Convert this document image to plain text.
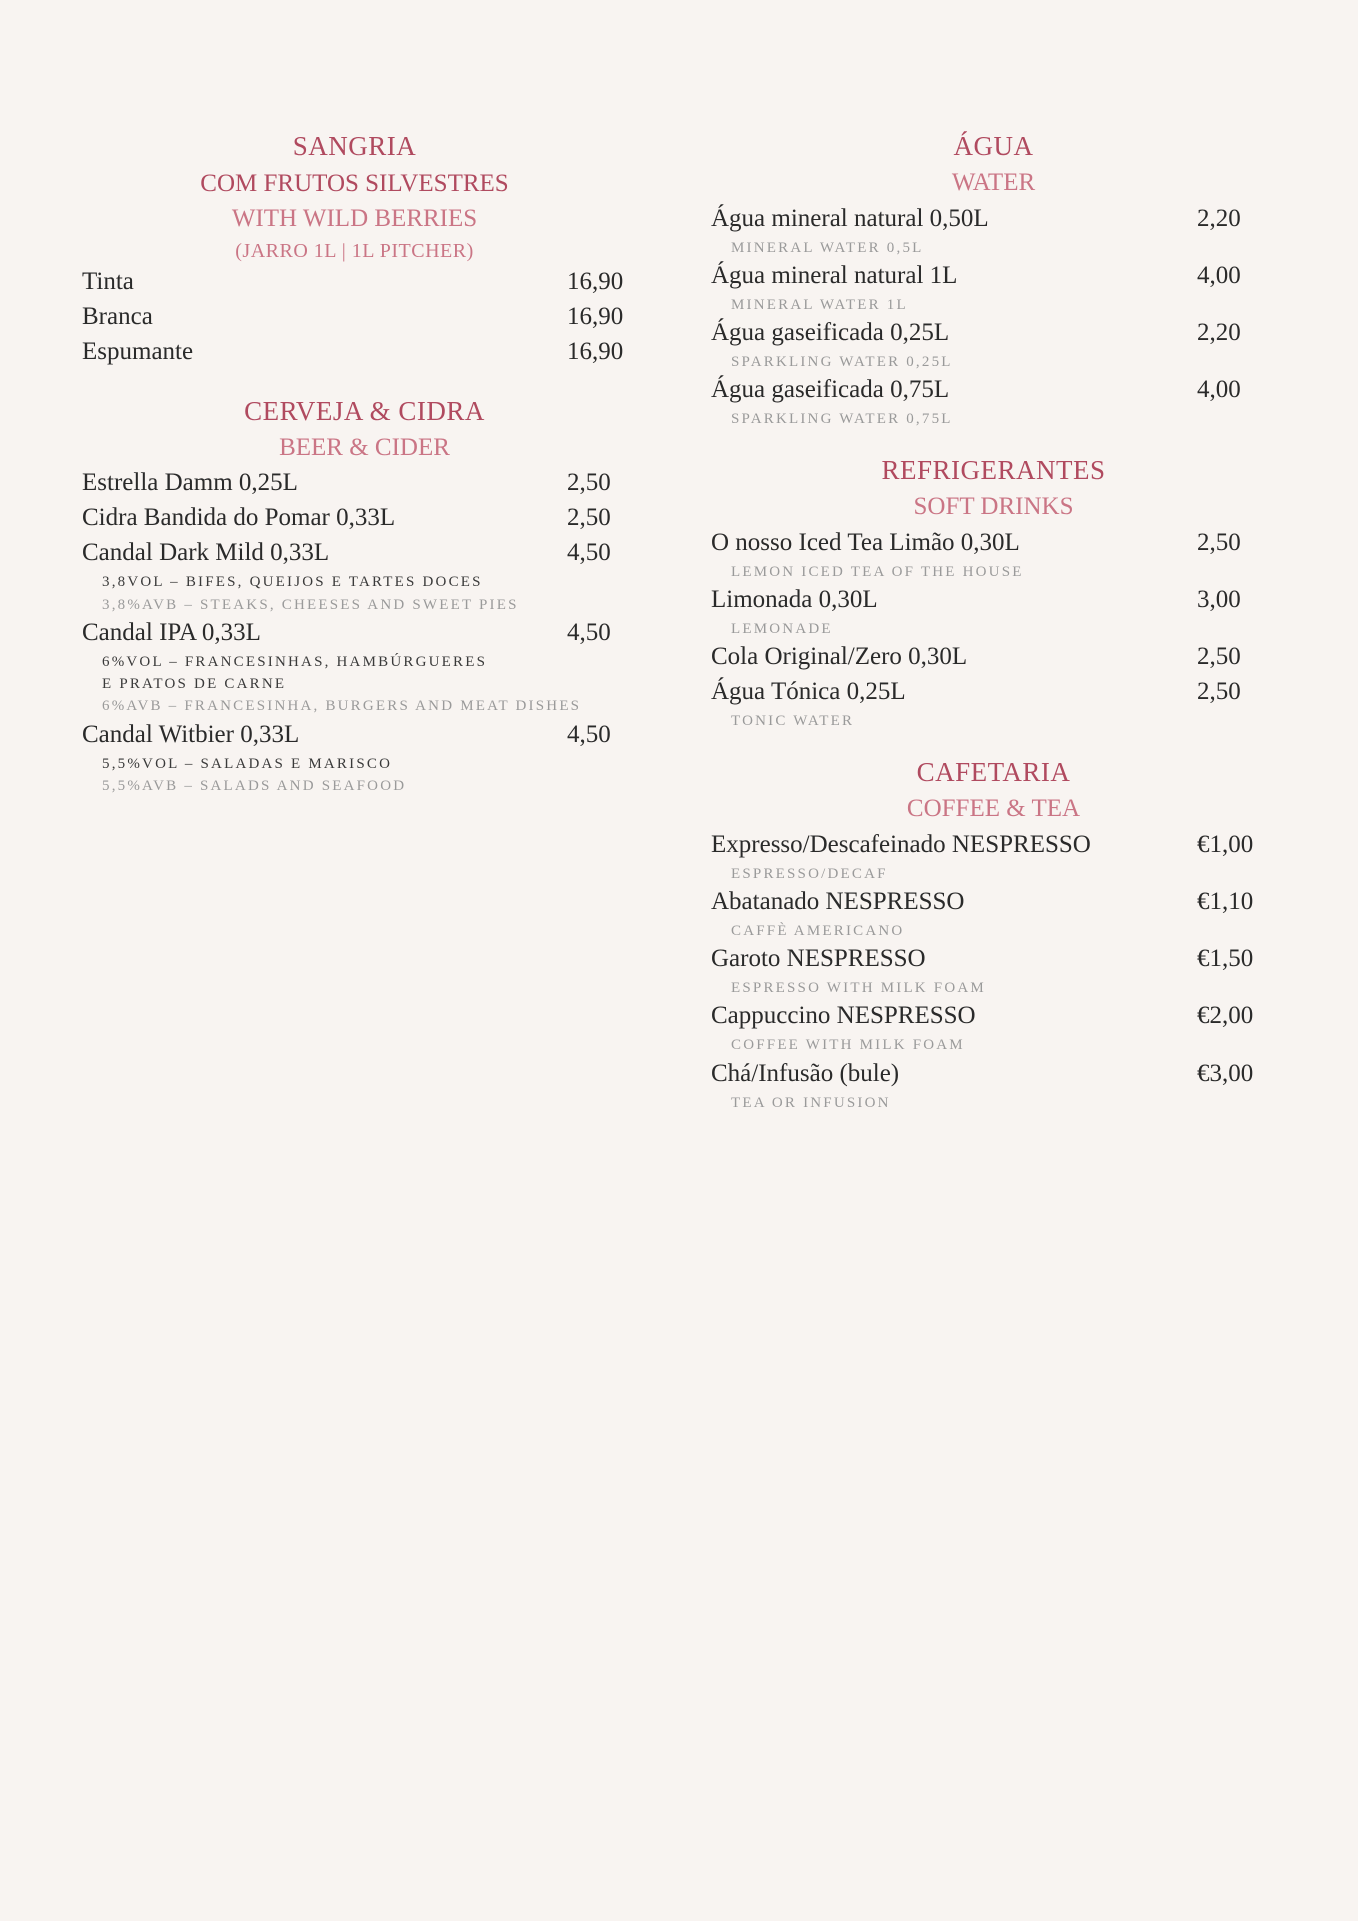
SANGRIA
COM FRUTOS SILVESTRES
WITH WILD BERRIES
(JARRO 1L | 1L PITCHER)
Tinta	16,90
Branca	16,90
Espumante	16,90
CERVEJA & CIDRA
BEER & CIDER
Estrella Damm 0,25L	2,50
Cidra Bandida do Pomar 0,33L	2,50
Candal Dark Mild 0,33L	4,50
3,8VOL – BIFES, QUEIJOS E TARTES DOCES
3,8%AVB – STEAKS, CHEESES AND SWEET PIES
Candal IPA 0,33L	4,50
6%VOL – FRANCESINHAS, HAMBÚRGUERES
E PRATOS DE CARNE
6%AVB – FRANCESINHA, BURGERS AND MEAT DISHES
Candal Witbier 0,33L	4,50
5,5%VOL – SALADAS E MARISCO
5,5%AVB – SALADS AND SEAFOOD
ÁGUA
WATER
Água mineral natural 0,50L	2,20
MINERAL WATER 0,5L
Água mineral natural 1L	4,00
MINERAL WATER 1L
Água gaseificada 0,25L	2,20
SPARKLING WATER 0,25L
Água gaseificada 0,75L	4,00
SPARKLING WATER 0,75L
REFRIGERANTES
SOFT DRINKS
O nosso Iced Tea Limão 0,30L	2,50
LEMON ICED TEA OF THE HOUSE
Limonada 0,30L	3,00
LEMONADE
Cola Original/Zero 0,30L	2,50
Água Tónica 0,25L	2,50
TONIC WATER
CAFETARIA
COFFEE & TEA
Expresso/Descafeinado NESPRESSO	€1,00
ESPRESSO/DECAF
Abatanado NESPRESSO	€1,10
CAFFÈ AMERICANO
Garoto NESPRESSO	€1,50
ESPRESSO WITH MILK FOAM
Cappuccino NESPRESSO	€2,00
COFFEE WITH MILK FOAM
Chá/Infusão (bule)	€3,00
TEA OR INFUSION
